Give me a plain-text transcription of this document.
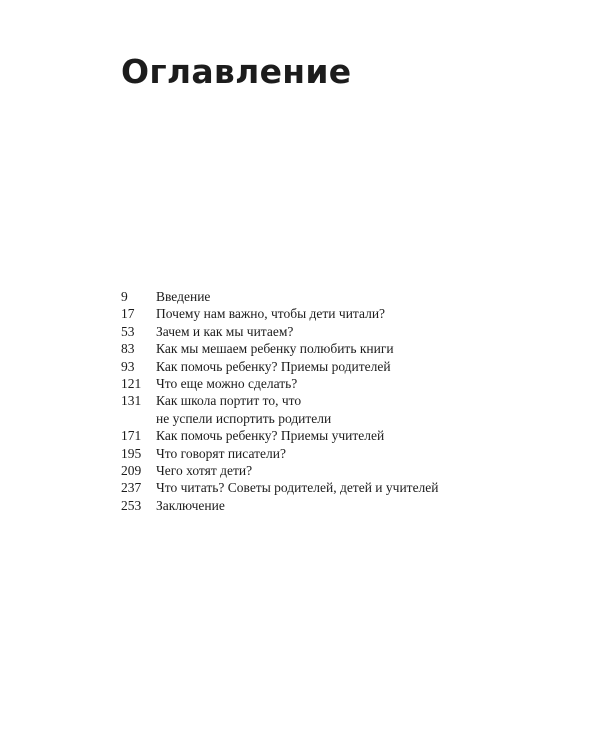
Оглавление
9	Введение
17	Почему нам важно, чтобы дети читали?
53	Зачем и как мы читаем?
83	Как мы мешаем ребенку полюбить книги
93	Как помочь ребенку? Приемы родителей
121	Что еще можно сделать?
131	Как школа портит то, что
не успели испортить родители
171	Как помочь ребенку? Приемы учителей
195	Что говорят писатели?
209	Чего хотят дети?
237	Что читать? Советы родителей, детей и учителей
253	Заключение
